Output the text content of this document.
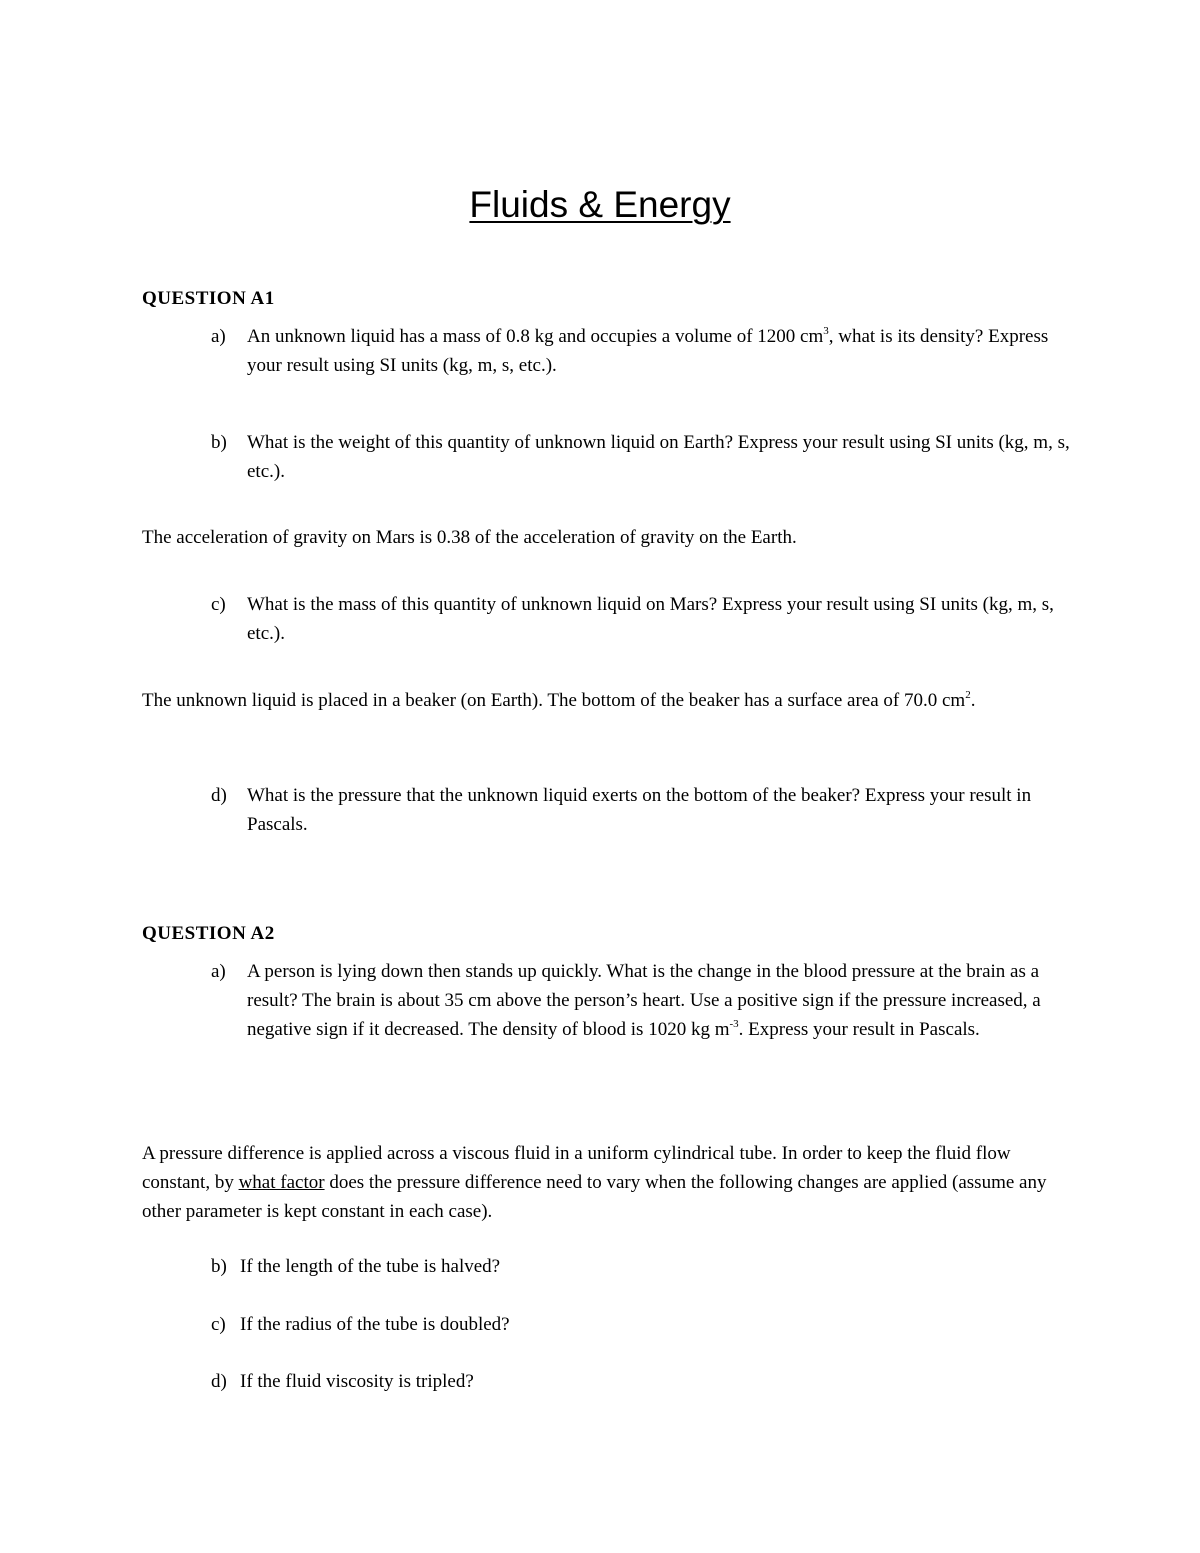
Fluids & Energy
QUESTION A1
a) An unknown liquid has a mass of 0.8 kg and occupies a volume of 1200 $cm^3$, what is its density? Express your result using SI units (kg, m, s, etc.).
b) What is the weight of this quantity of unknown liquid on Earth? Express your result using SI units (kg, m, s, etc.).
The acceleration of gravity on Mars is 0.38 of the acceleration of gravity on the Earth.
c) What is the mass of this quantity of unknown liquid on Mars? Express your result using SI units (kg, m, s, etc.).
The unknown liquid is placed in a beaker (on Earth). The bottom of the beaker has a surface area of 70.0 $cm^2$.
d) What is the pressure that the unknown liquid exerts on the bottom of the beaker? Express your result in Pascals.
QUESTION A2
a) A person is lying down then stands up quickly. What is the change in the blood pressure at the brain as a result? The brain is about 35 cm above the person’s heart. Use a positive sign if the pressure increased, a negative sign if it decreased. The density of blood is 1020 kg $m^{-3}$. Express your result in Pascals.
A pressure difference is applied across a viscous fluid in a uniform cylindrical tube. In order to keep the fluid flow constant, by what factor does the pressure difference need to vary when the following changes are applied (assume any other parameter is kept constant in each case).
b) If the length of the tube is halved?
c) If the radius of the tube is doubled?
d) If the fluid viscosity is tripled?
